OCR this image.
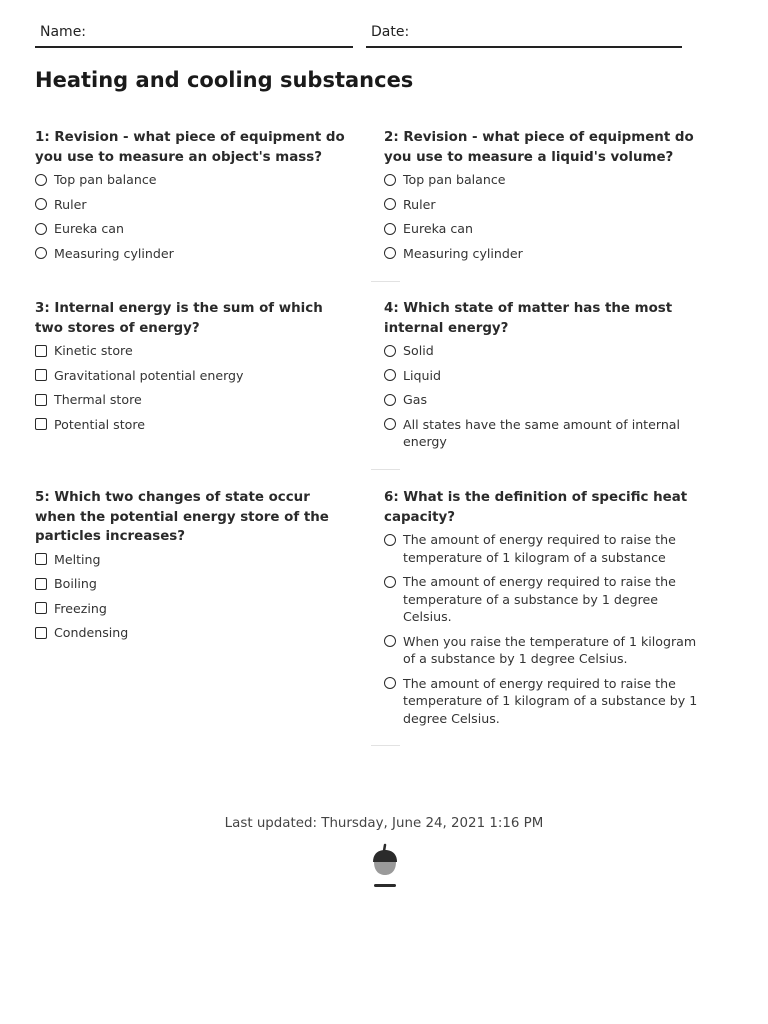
Name:	Date:
Heating and cooling substances
1: Revision - what piece of equipment do you use to measure an object's mass?
Top pan balance
Ruler
Eureka can
Measuring cylinder
2: Revision - what piece of equipment do you use to measure a liquid's volume?
Top pan balance
Ruler
Eureka can
Measuring cylinder
3: Internal energy is the sum of which two stores of energy?
Kinetic store
Gravitational potential energy
Thermal store
Potential store
4: Which state of matter has the most internal energy?
Solid
Liquid
Gas
All states have the same amount of internal energy
5: Which two changes of state occur when the potential energy store of the particles increases?
Melting
Boiling
Freezing
Condensing
6: What is the definition of specific heat capacity?
The amount of energy required to raise the temperature of 1 kilogram of a substance
The amount of energy required to raise the temperature of a substance by 1 degree Celsius.
When you raise the temperature of 1 kilogram of a substance by 1 degree Celsius.
The amount of energy required to raise the temperature of 1 kilogram of a substance by 1 degree Celsius.
Last updated: Thursday, June 24, 2021 1:16 PM
